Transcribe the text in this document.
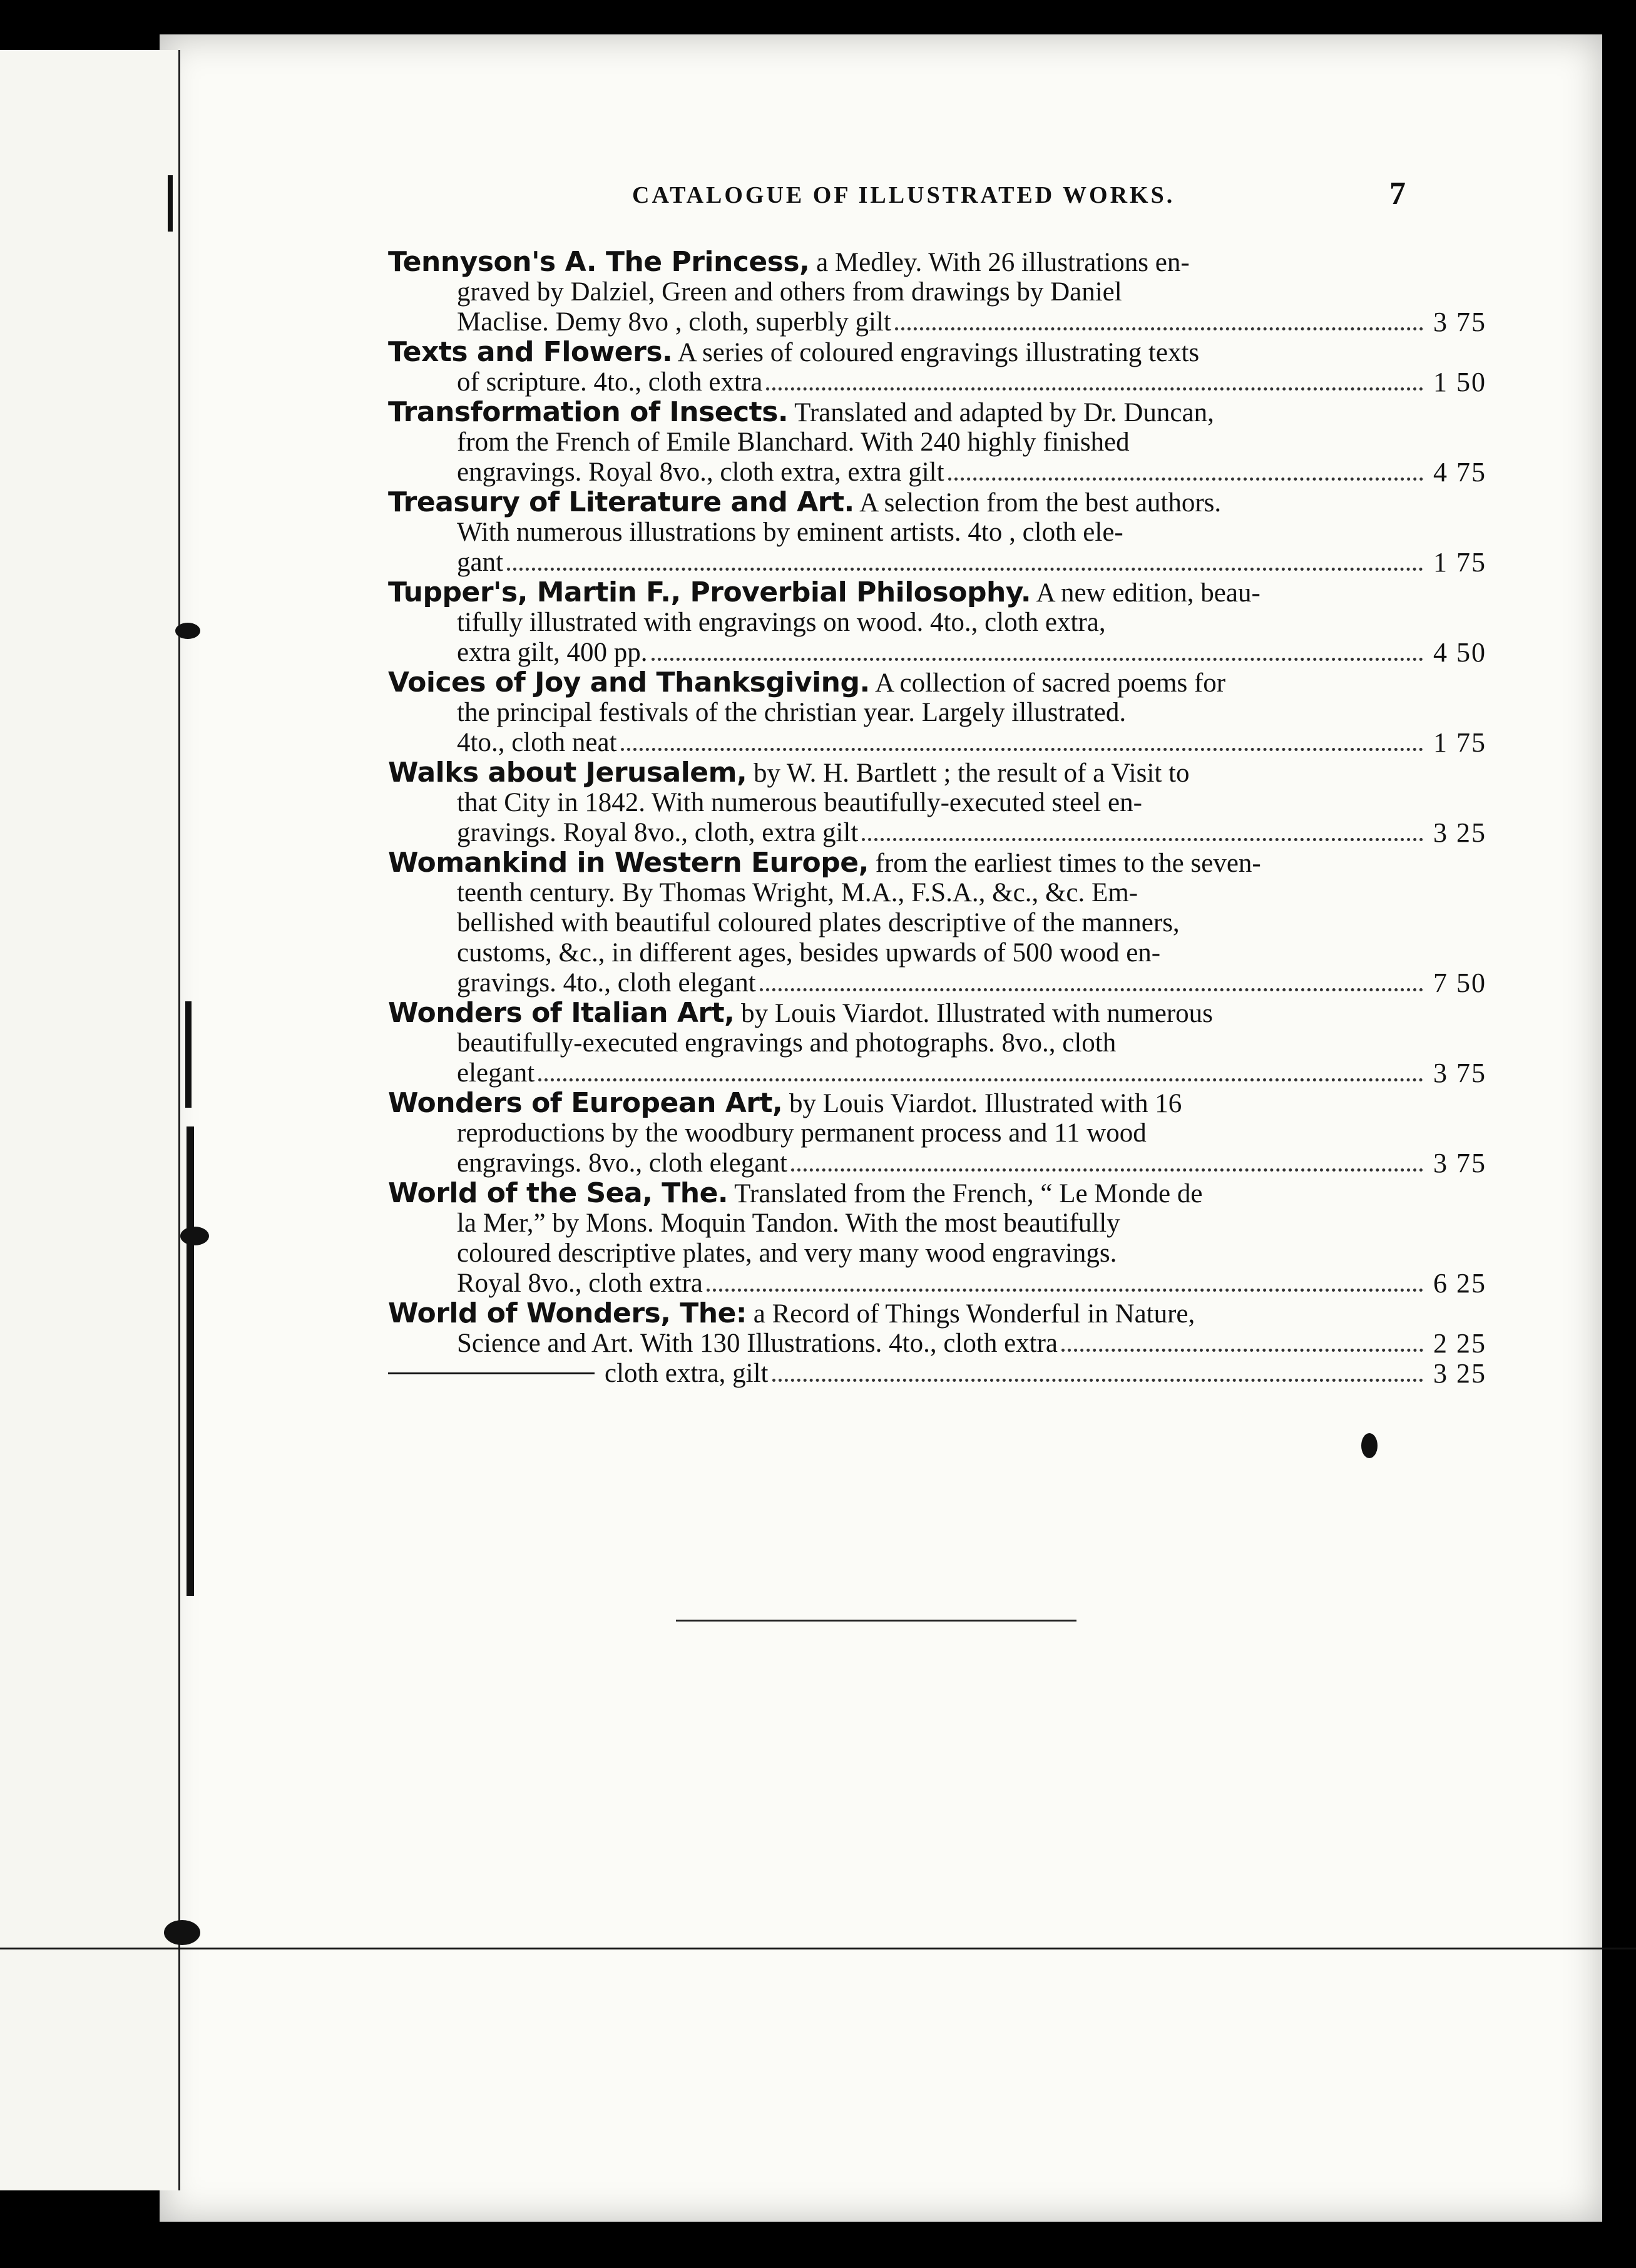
CATALOGUE OF ILLUSTRATED WORKS.	7
Tennyson's A. The Princess, a Medley. With 26 illustrations en-
graved by Dalziel, Green and others from drawings by Daniel
Maclise. Demy 8vo , cloth, superbly gilt	3 75
Texts and Flowers. A series of coloured engravings illustrating texts
of scripture. 4to., cloth extra	1 50
Transformation of Insects. Translated and adapted by Dr. Duncan,
from the French of Emile Blanchard. With 240 highly finished
engravings. Royal 8vo., cloth extra, extra gilt	4 75
Treasury of Literature and Art. A selection from the best authors.
With numerous illustrations by eminent artists. 4to , cloth ele-
gant	1 75
Tupper's, Martin F., Proverbial Philosophy. A new edition, beau-
tifully illustrated with engravings on wood. 4to., cloth extra,
extra gilt, 400 pp.	4 50
Voices of Joy and Thanksgiving. A collection of sacred poems for
the principal festivals of the christian year. Largely illustrated.
4to., cloth neat	1 75
Walks about Jerusalem, by W. H. Bartlett ; the result of a Visit to
that City in 1842. With numerous beautifully-executed steel en-
gravings. Royal 8vo., cloth, extra gilt	3 25
Womankind in Western Europe, from the earliest times to the seven-
teenth century. By Thomas Wright, M.A., F.S.A., &c., &c. Em-
bellished with beautiful coloured plates descriptive of the manners,
customs, &c., in different ages, besides upwards of 500 wood en-
gravings. 4to., cloth elegant	7 50
Wonders of Italian Art, by Louis Viardot. Illustrated with numerous
beautifully-executed engravings and photographs. 8vo., cloth
elegant	3 75
Wonders of European Art, by Louis Viardot. Illustrated with 16
reproductions by the woodbury permanent process and 11 wood
engravings. 8vo., cloth elegant	3 75
World of the Sea, The. Translated from the French, “ Le Monde de
la Mer,” by Mons. Moquin Tandon. With the most beautifully
coloured descriptive plates, and very many wood engravings.
Royal 8vo., cloth extra	6 25
World of Wonders, The: a Record of Things Wonderful in Nature,
Science and Art. With 130 Illustrations. 4to., cloth extra	2 25
cloth extra, gilt	3 25
